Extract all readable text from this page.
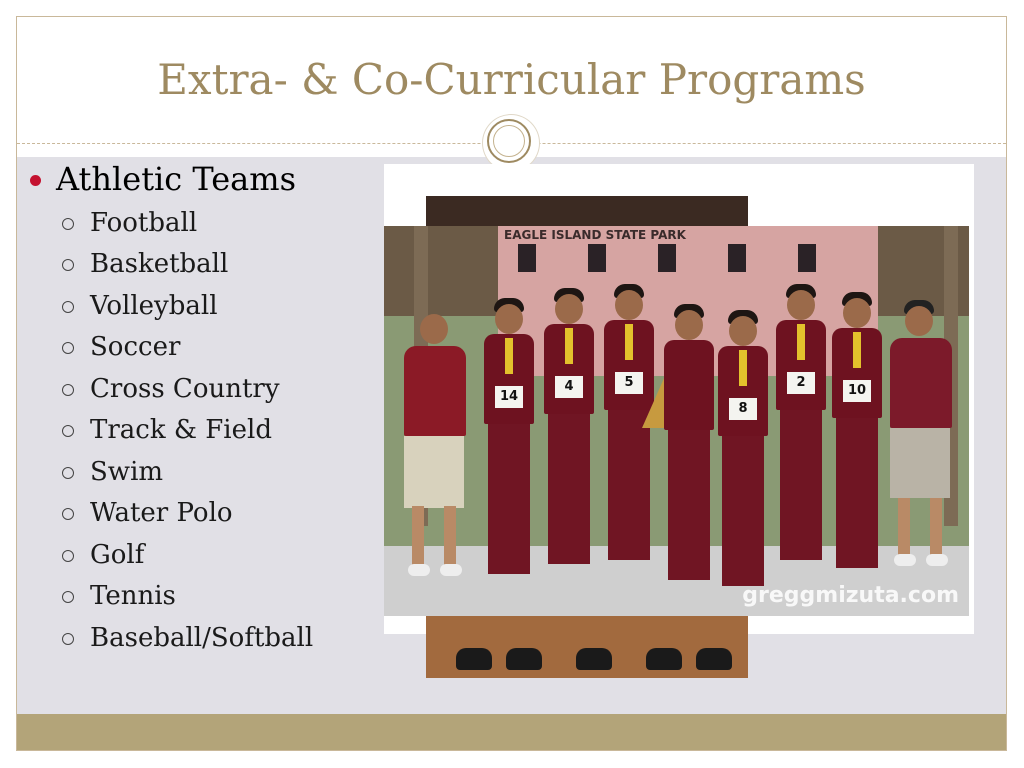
Extra- & Co-Curricular Programs
Athletic Teams
Football
Basketball
Volleyball
Soccer
Cross Country
Track & Field
Swim
Water Polo
Golf
Tennis
Baseball/Softball
EAGLE ISLAND STATE PARK
14
4	5
8
2
10
greggmizuta.com
